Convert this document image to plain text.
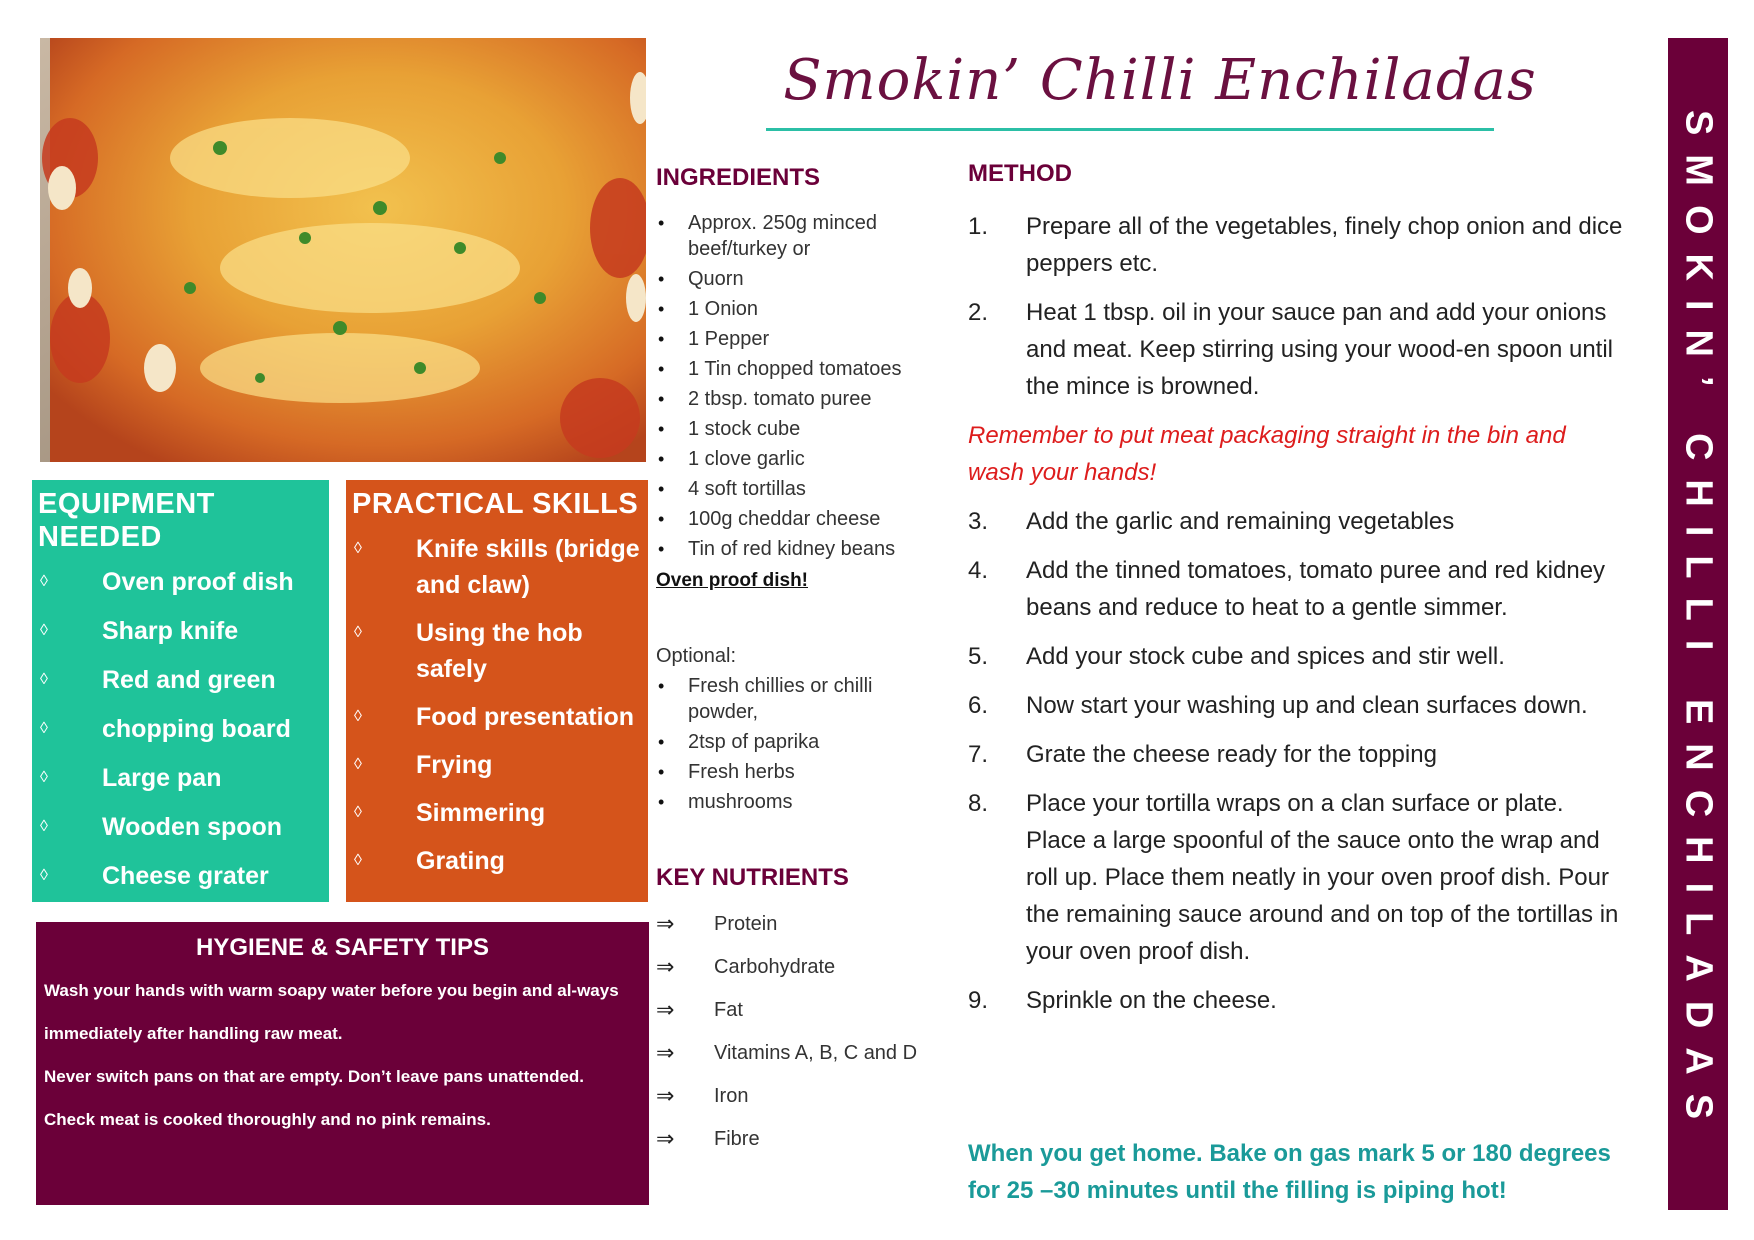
Smokin’ Chilli Enchiladas
SMOKIN’ CHILLI ENCHILADAS
EQUIPMENT NEEDED
◊ Oven proof dish
◊ Sharp knife
◊ Red and green
◊ chopping board
◊ Large pan
◊ Wooden spoon
◊ Cheese grater
PRACTICAL SKILLS
◊ Knife skills (bridge and claw)
◊ Using the hob safely
◊ Food presentation
◊ Frying
◊ Simmering
◊ Grating
HYGIENE & SAFETY TIPS

Wash your hands with warm soapy water before you begin and al-ways

immediately after handling raw meat.

Never switch pans on that are empty. Don’t leave pans unattended.

Check meat is cooked thoroughly and no pink remains.

INGREDIENTS
• Approx. 250g minced beef/turkey or
• Quorn
• 1 Onion
• 1 Pepper
• 1 Tin chopped tomatoes
• 2 tbsp. tomato puree
• 1 stock cube
• 1 clove garlic
• 4 soft tortillas
• 100g cheddar cheese
• Tin of red kidney beans
Oven proof dish!
Optional:
• Fresh chillies or chilli powder,
• 2tsp of paprika
• Fresh herbs
• mushrooms
KEY NUTRIENTS
⇒ Protein
⇒ Carbohydrate
⇒ Fat
⇒ Vitamins A, B, C and D
⇒ Iron
⇒ Fibre
METHOD
1. Prepare all of the vegetables, finely chop onion and dice peppers etc.
2. Heat 1 tbsp. oil in your sauce pan and add your onions and meat. Keep stirring using your wood-en spoon until the mince is browned.
Remember to put meat packaging straight in the bin and wash your hands!
3. Add the garlic and remaining vegetables
4. Add the tinned tomatoes, tomato puree and red kidney beans and reduce to heat to a gentle simmer.
5. Add your stock cube and spices and stir well.
6. Now start your washing up and clean surfaces down.
7. Grate the cheese ready for the topping
8. Place your tortilla wraps on a clan surface or plate. Place a large spoonful of the sauce onto the wrap and roll up. Place them neatly in your oven proof dish. Pour the remaining sauce around and on top of the tortillas in your oven proof dish.
9. Sprinkle on the cheese.
When you get home. Bake on gas mark 5 or 180 degrees for 25 –30 minutes until the filling is piping hot!
